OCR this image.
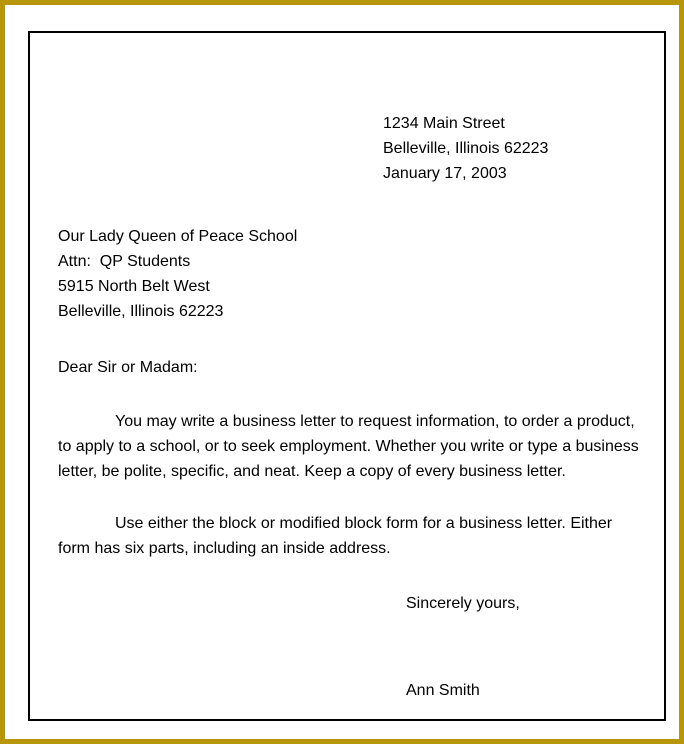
1234 Main Street
Belleville, Illinois 62223
January 17, 2003
Our Lady Queen of Peace School
Attn:  QP Students
5915 North Belt West
Belleville, Illinois 62223
Dear Sir or Madam:
You may write a business letter to request information, to order a product, to apply to a school, or to seek employment. Whether you write or type a business letter, be polite, specific, and neat. Keep a copy of every business letter.
Use either the block or modified block form for a business letter. Either form has six parts, including an inside address.
Sincerely yours,
Ann Smith
